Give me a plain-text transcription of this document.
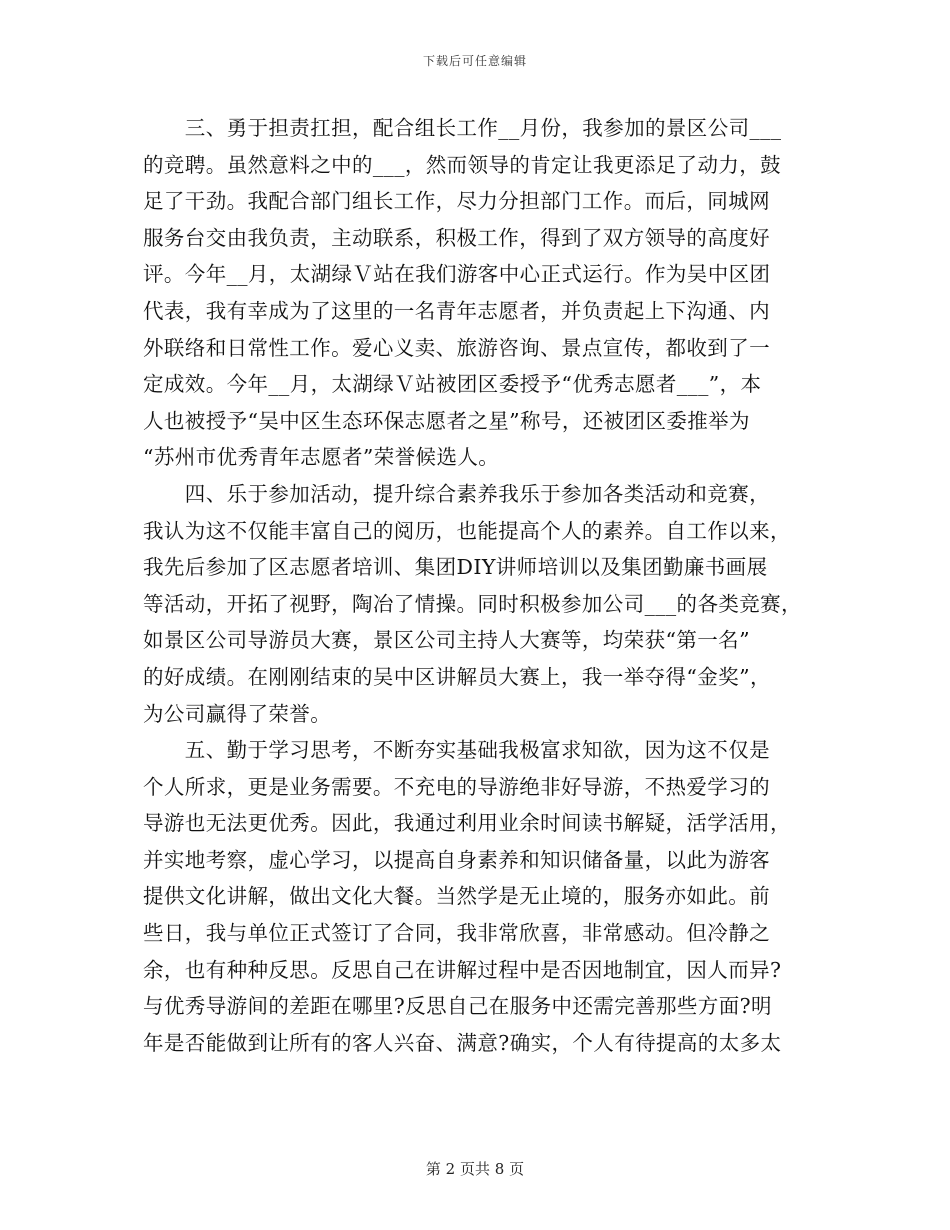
下载后可任意编辑
　　三、勇于担责扛担，配合组长工作__月份，我参加的景区公司___
的竞聘。虽然意料之中的___，然而领导的肯定让我更添足了动力，鼓
足了干劲。我配合部门组长工作，尽力分担部门工作。而后，同城网
服务台交由我负责，主动联系，积极工作，得到了双方领导的高度好
评。今年__月，太湖绿Ｖ站在我们游客中心正式运行。作为吴中区团
代表，我有幸成为了这里的一名青年志愿者，并负责起上下沟通、内
外联络和日常性工作。爱心义卖、旅游咨询、景点宣传，都收到了一
定成效。今年__月，太湖绿Ｖ站被团区委授予“优秀志愿者___”，本
人也被授予“吴中区生态环保志愿者之星”称号，还被团区委推举为
“苏州市优秀青年志愿者”荣誉候选人。
　　四、乐于参加活动，提升综合素养我乐于参加各类活动和竞赛，
我认为这不仅能丰富自己的阅历，也能提高个人的素养。自工作以来，
我先后参加了区志愿者培训、集团DIY讲师培训以及集团勤廉书画展
等活动，开拓了视野，陶冶了情操。同时积极参加公司___的各类竞赛，
如景区公司导游员大赛，景区公司主持人大赛等，均荣获“第一名”
的好成绩。在刚刚结束的吴中区讲解员大赛上，我一举夺得“金奖”，
为公司赢得了荣誉。
　　五、勤于学习思考，不断夯实基础我极富求知欲，因为这不仅是
个人所求，更是业务需要。不充电的导游绝非好导游，不热爱学习的
导游也无法更优秀。因此，我通过利用业余时间读书解疑，活学活用，
并实地考察，虚心学习，以提高自身素养和知识储备量，以此为游客
提供文化讲解，做出文化大餐。当然学是无止境的，服务亦如此。前
些日，我与单位正式签订了合同，我非常欣喜，非常感动。但冷静之
余，也有种种反思。反思自己在讲解过程中是否因地制宜，因人而异?
与优秀导游间的差距在哪里?反思自己在服务中还需完善那些方面?明
年是否能做到让所有的客人兴奋、满意?确实，个人有待提高的太多太
第 2 页共 8 页
